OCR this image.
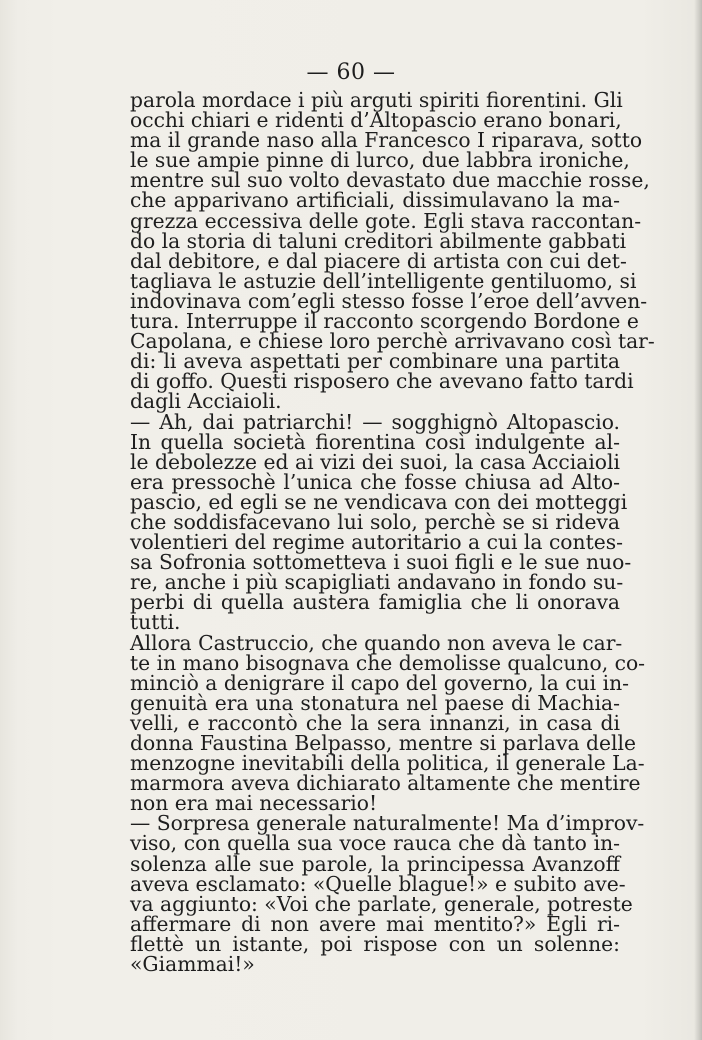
— 60 —
parola mordace i più arguti spiriti fiorentini. Gli
occhi chiari e ridenti d’Altopascio erano bonari,
ma il grande naso alla Francesco I riparava, sotto
le sue ampie pinne di lurco, due labbra ironiche,
mentre sul suo volto devastato due macchie rosse,
che apparivano artificiali, dissimulavano la ma-
grezza eccessiva delle gote. Egli stava raccontan-
do la storia di taluni creditori abilmente gabbati
dal debitore, e dal piacere di artista con cui det-
tagliava le astuzie dell’intelligente gentiluomo, si
indovinava com’egli stesso fosse l’eroe dell’avven-
tura. Interruppe il racconto scorgendo Bordone e
Capolana, e chiese loro perchè arrivavano così tar-
di: li aveva aspettati per combinare una partita
di goffo. Questi risposero che avevano fatto tardi
dagli Acciaioli.
— Ah, dai patriarchi! — sogghignò Altopascio.
In quella società fiorentina così indulgente al-
le debolezze ed ai vizi dei suoi, la casa Acciaioli
era pressochè l’unica che fosse chiusa ad Alto-
pascio, ed egli se ne vendicava con dei motteggi
che soddisfacevano lui solo, perchè se si rideva
volentieri del regime autoritario a cui la contes-
sa Sofronia sottometteva i suoi figli e le sue nuo-
re, anche i più scapigliati andavano in fondo su-
perbi di quella austera famiglia che li onorava
tutti.
Allora Castruccio, che quando non aveva le car-
te in mano bisognava che demolisse qualcuno, co-
minciò a denigrare il capo del governo, la cui in-
genuità era una stonatura nel paese di Machia-
velli, e raccontò che la sera innanzi, in casa di
donna Faustina Belpasso, mentre si parlava delle
menzogne inevitabili della politica, il generale La-
marmora aveva dichiarato altamente che mentire
non era mai necessario!
— Sorpresa generale naturalmente! Ma d’improv-
viso, con quella sua voce rauca che dà tanto in-
solenza alle sue parole, la principessa Avanzoff
aveva esclamato: «Quelle blague!» e subito ave-
va aggiunto: «Voi che parlate, generale, potreste
affermare di non avere mai mentito?» Egli ri-
flettè un istante, poi rispose con un solenne:
«Giammai!»
